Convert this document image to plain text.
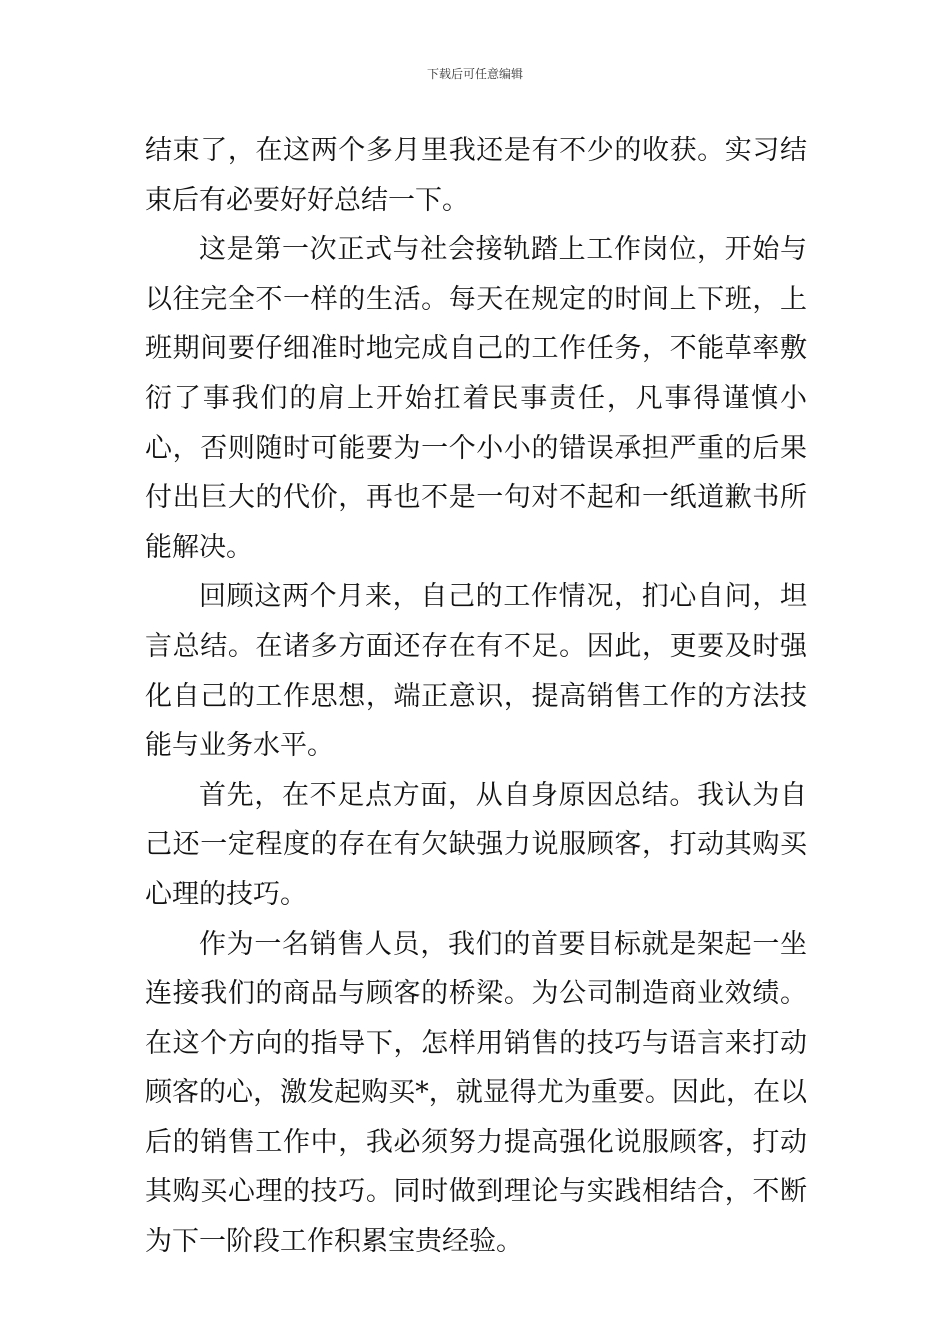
下载后可任意编辑

结束了，在这两个多月里我还是有不少的收获。实习结束后有必要好好总结一下。

这是第一次正式与社会接轨踏上工作岗位，开始与以往完全不一样的生活。每天在规定的时间上下班，上班期间要仔细准时地完成自己的工作任务，不能草率敷衍了事我们的肩上开始扛着民事责任，凡事得谨慎小心，否则随时可能要为一个小小的错误承担严重的后果付出巨大的代价，再也不是一句对不起和一纸道歉书所能解决。

回顾这两个月来，自己的工作情况，扪心自问，坦言总结。在诸多方面还存在有不足。因此，更要及时强化自己的工作思想，端正意识，提高销售工作的方法技能与业务水平。

首先，在不足点方面，从自身原因总结。我认为自己还一定程度的存在有欠缺强力说服顾客，打动其购买心理的技巧。

作为一名销售人员，我们的首要目标就是架起一坐连接我们的商品与顾客的桥梁。为公司制造商业效绩。在这个方向的指导下，怎样用销售的技巧与语言来打动顾客的心，激发起购买*，就显得尤为重要。因此，在以后的销售工作中，我必须努力提高强化说服顾客，打动其购买心理的技巧。同时做到理论与实践相结合，不断为下一阶段工作积累宝贵经验。
